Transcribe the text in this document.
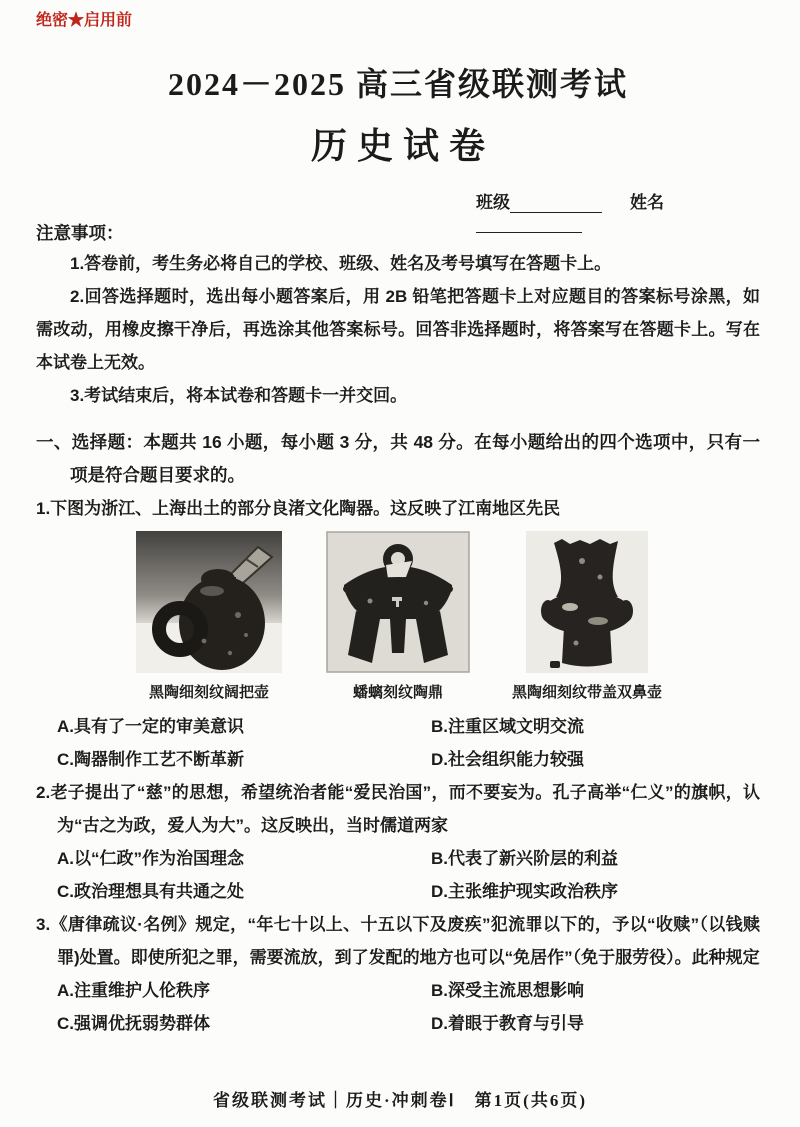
绝密★启用前
2024－2025 高三省级联测考试
历史试卷
班级	姓名

注意事项：

1.答卷前，考生务必将自己的学校、班级、姓名及考号填写在答题卡上。

2.回答选择题时，选出每小题答案后，用 2B 铅笔把答题卡上对应题目的答案标号涂黑，如需改动，用橡皮擦干净后，再选涂其他答案标号。回答非选择题时，将答案写在答题卡上。写在本试卷上无效。

3.考试结束后，将本试卷和答题卡一并交回。

一、选择题：本题共 16 小题，每小题 3 分，共 48 分。在每小题给出的四个选项中，只有一项是符合题目要求的。

1.下图为浙江、上海出土的部分良渚文化陶器。这反映了江南地区先民

黑陶细刻纹阔把壶	蟠螭刻纹陶鼎	黑陶细刻纹带盖双鼻壶
A.具有了一定的审美意识	B.注重区域文明交流
C.陶器制作工艺不断革新	D.社会组织能力较强

2.老子提出了“慈”的思想，希望统治者能“爱民治国”，而不要妄为。孔子高举“仁义”的旗帜，认为“古之为政，爱人为大”。这反映出，当时儒道两家

A.以“仁政”作为治国理念	B.代表了新兴阶层的利益
C.政治理想具有共通之处	D.主张维护现实政治秩序

3.《唐律疏议·名例》规定，“年七十以上、十五以下及废疾”犯流罪以下的，予以“收赎”（以钱赎罪)处置。即使所犯之罪，需要流放，到了发配的地方也可以“免居作”（免于服劳役）。此种规定

A.注重维护人伦秩序	B.深受主流思想影响
C.强调优抚弱势群体	D.着眼于教育与引导
省级联测考试｜历史·冲刺卷Ⅰ　第1页(共6页)
